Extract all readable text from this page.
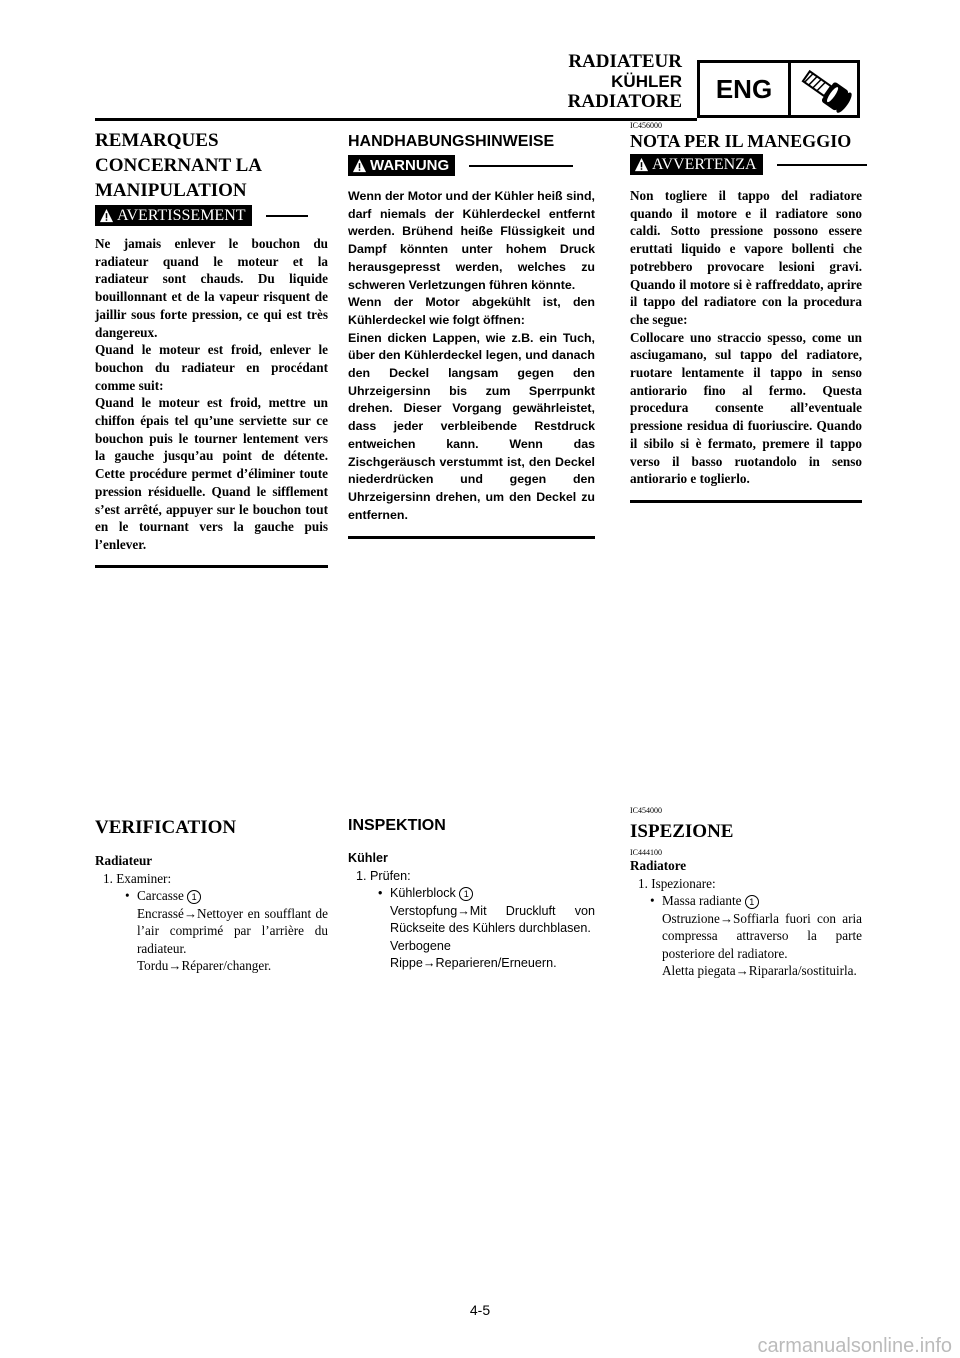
RADIATEUR
KÜHLER
RADIATORE	ENG
REMARQUES
CONCERNANT LA
MANIPULATION
AVERTISSEMENT

Ne jamais enlever le bouchon du radiateur quand le moteur et la radiateur sont chauds. Du liquide bouillonnant et de la vapeur risquent de jaillir sous forte pression, ce qui est très dangereux.

Quand le moteur est froid, enlever le bouchon du radiateur en procédant comme suit:

Quand le moteur est froid, mettre un chiffon épais tel qu’une serviette sur ce bouchon puis le tourner lentement vers la gauche jusqu’au point de détente. Cette procédure permet d’éliminer toute pression résiduelle. Quand le sifflement s’est arrêté, appuyer sur le bouchon tout en le tournant vers la gauche puis l’enlever.

HANDHABUNGSHINWEISE
WARNUNG

Wenn der Motor und der Kühler heiß sind, darf niemals der Kühlerdeckel entfernt werden. Brühend heiße Flüssigkeit und Dampf könnten unter hohem Druck herausgepresst werden, welches zu schweren Verletzungen führen könnte.

Wenn der Motor abgekühlt ist, den Kühlerdeckel wie folgt öffnen:

Einen dicken Lappen, wie z.B. ein Tuch, über den Kühlerdeckel legen, und danach den Deckel langsam gegen den Uhrzeigersinn bis zum Sperrpunkt drehen. Dieser Vorgang gewährleistet, dass jeder verbleibende Restdruck entweichen kann. Wenn das Zischgeräusch verstummt ist, den Deckel niederdrücken und gegen den Uhrzeigersinn drehen, um den Deckel zu entfernen.

IC456000
NOTA PER IL MANEGGIO
AVVERTENZA

Non togliere il tappo del radiatore quando il motore e il radiatore sono caldi. Sotto pressione possono essere eruttati liquido e vapore bollenti che potrebbero provocare lesioni gravi. Quando il motore si è raffreddato, aprire il tappo del radiatore con la procedura che segue:

Collocare uno straccio spesso, come un asciugamano, sul tappo del radiatore, ruotare lentamente il tappo in senso antiorario fino al fermo. Questa procedura consente all’eventuale pressione residua di fuoriuscire. Quando il sibilo si è fermato, premere il tappo verso il basso ruotandolo in senso antiorario e toglierlo.

VERIFICATION
Radiateur
1. Examiner:
• Carcasse 1
Encrassé→Nettoyer en soufflant de l’air comprimé par l’arrière du radiateur.
Tordu→Réparer/changer.
INSPEKTION
Kühler
1. Prüfen:
• Kühlerblock 1
Verstopfung→Mit Druckluft von Rückseite des Kühlers durchblasen.
Verbogene Rippe→Reparieren/Erneuern.
IC454000
ISPEZIONE
IC444100
Radiatore
1. Ispezionare:
• Massa radiante 1
Ostruzione→Soffiarla fuori con aria compressa attraverso la parte posteriore del radiatore.
Aletta piegata→Ripararla/sostituirla.
4-5
carmanualsonline.info
